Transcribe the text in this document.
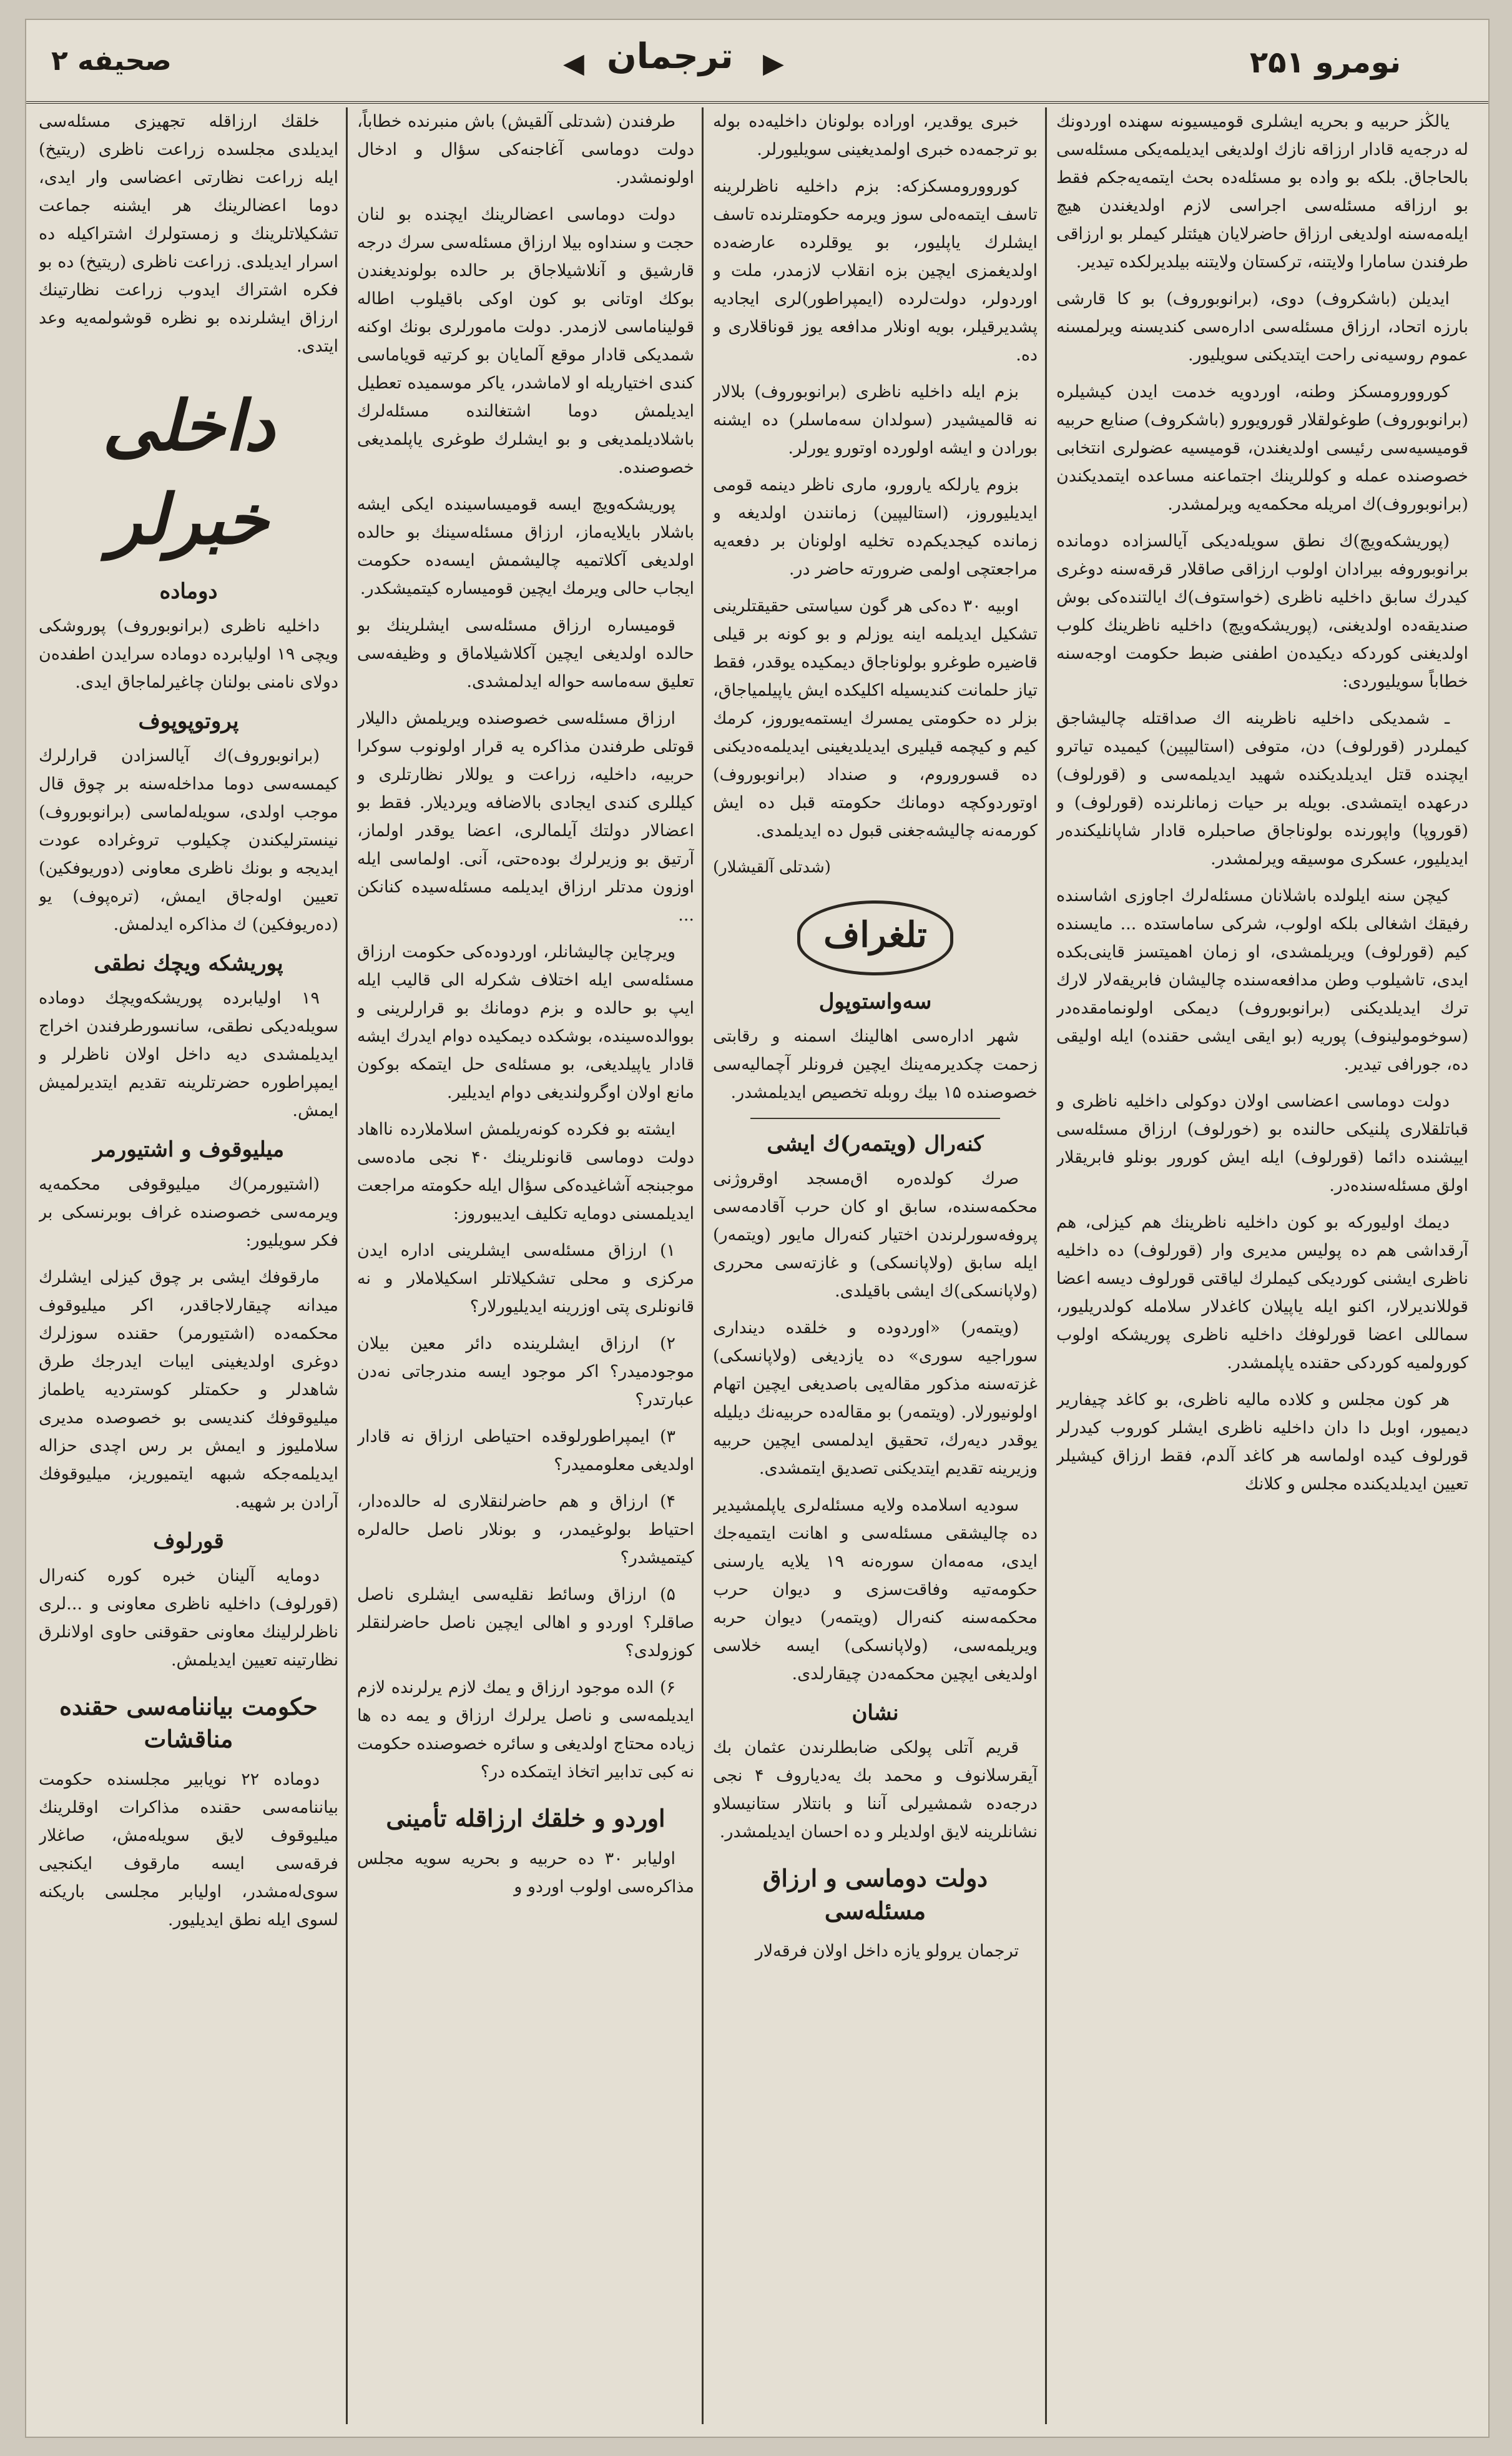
نومرو ۲۵۱
◀ ترجمان ▶
صحیفه ۲

یالڭز حربیه و بحریه ایشلری قومیسیونه سهنده اوردونك له درجه‌یه قادار ارزاقه نازك اولدیغی ایدیلمه‌یکی مسئله‌سی بالحاجاق. بلکه بو واده بو مسئله‌ده بحث ایتمه‌یه‌جکم فقط بو ارزاقه مسئله‌سی اجراسی لازم اولدیغندن هیچ ایله‌مه‌سنه اولدیغی ارزاق حاضرلایان هیئتلر کیملر بو ارزاقی طرفندن سامارا ولایتنه، ترکستان ولایتنه بیلدیرلکده تیدیر.

ایدیلن (باشکروف) دوی، (برانوبوروف) بو کا قارشی بارزه اتحاد، ارزاق مسئله‌سی اداره‌سی کندیسنه ویرلمسنه عموم روسیه‌نی راحت ایتدیکنی سویلیور.

کوروورومسکز وطنه، اوردویه خدمت ایدن کیشیلره (برانوبوروف) طوغولقلار قورویورو (باشکروف) صنایع حربیه قومیسیه‌سی رئیسی اولدیغندن، قومیسیه عضولری انتخابی خصوصنده عمله و کوللرینك اجتماعنه مساعده ایتمدیکندن (برانوبوروف)ك امریله محکمه‌یه ویرلمشدر.

(پوریشکه‌ویچ)ك نطق سویله‌دیکی آیالسزاده دومانده برانوبوروفه بیرادان اولوب ارزاقی صاقلار قرقه‌سنه دوغری کیدرك سابق داخلیه ناظری (خواستوف)ك ایالتنده‌کی بوش صندیقه‌ده اولدیغنی، (پوریشکه‌ویچ) داخلیه ناظرینك کلوب اولدیغنی کوردکه دیکیده‌ن اطفنی ضبط حکومت اوجه‌سنه خطاباً سویلیوردی:

ـ شمدیکی داخلیه ناظرینه اك صداقتله چالیشاجق کیملردر (قورلوف) دن، متوفی (استالیپین) کیمیده تیاترو ایچنده قتل ایدیلدیکنده شهید ایدیلمه‌سی و (قورلوف) درعهده ایتمشدی. بویله بر حیات زمانلرنده (قورلوف) و (قوروپا) واپورنده بولوناجاق صاحبلره قادار شاپانلیکنده‌ر ایدیلیور، عسکری موسیقه ویرلمشدر.

کیچن سنه ایلولده باشلانان مسئله‌لرك اجاوزی اشاسنده رفیقك اشغالی بلکه اولوب، شرکی ساماستده ...‌ مایسنده کیم (قورلوف) ویریلمشدی، او زمان اهمیتسز قاینی‌بکده ایدی، تاشیلوب وطن مدافعه‌سنده چالیشان فابریقه‌لار لارك ترك ایدیلدیکنی (برانوبوروف) دیمکی اولونمامقده‌در (سوخومولینوف) پوریه (بو ایقی ایشی حقنده) ایله اولیقی ده، جورافی تیدیر.

دولت دوماسی اعضاسی اولان دوکولی داخلیه ناظری و قباتلقلاری پلنیکی حالنده بو (خورلوف) ارزاق مسئله‌سی اییشنده دائما (قورلوف) ایله ایش کورور بونلو فابریقلار اولق مسئله‌سنده‌در.

دیمك اولیورکه بو کون داخلیه ناظرینك هم کیزلی، هم آرقداشی هم ده پولیس مدیری وار (قورلوف) ده داخلیه ناظری ایشنی کوردیکی کیملرك لیاقتی قورلوف دیسه اعضا قوللاندیرلار، اکنو ایله یاپیلان کاغدلار سلامله کولدریلیور، سماللی اعضا قورلوفك داخلیه ناظری پوریشکه اولوب کورولمیه کوردکی حقنده یاپلمشدر.

هر کون مجلس و کلاده مالیه ناظری، بو کاغد چیفاریر دیمیور، اوبل دا دان داخلیه ناظری ایشلر کوروب کیدرلر قورلوف کیده اولماسه هر کاغد آلدم، فقط ارزاق کیشیلر تعیین ایدیلدیکنده مجلس و کلانك

خبری یوقدیر، اوراده بولونان داخلیه‌ده بوله بو ترجمه‌ده خبری اولمدیغینی سویلیورلر.

کوروورومسکزکه: بزم داخلیه ناظرلرینه تاسف ایتمه‌ه‌لی سوز ویرمه حکومتلرنده تاسف ایشلرك یاپلیور، بو یوقلرده عارضه‌ده اولدیغمزی ایچین بزه انقلاب لازمدر، ملت و اوردولر، دولت‌لرده (ایمپراطور)لری ایجادیه پشدیرقیلر، بویه اونلار مدافعه یوز قوناقلاری و ده.

بزم ایله داخلیه ناظری (برانوبوروف) بلالار نه قالمیشیدر (سولدان سه‌ماسلر) ده ایشنه بورادن و ایشه اولورده اوتورو یورلر.

بزوم یارلکه یارورو، ماری ناظر دینمه قومی ایدیلیوروز، (استالیپین) زمانندن اولدیغه و زمانده کیجدیکم‌ده تخلیه اولونان بر دفعه‌یه مراجعتچی اولمی ضرورته حاضر در.

اوبیه ۳۰ ده‌کی هر گون سیاستی حقیقتلرینی تشکیل ایدیلمه اینه یوزلم و بو کونه بر قیلی قاضیره طوغرو بولوناجاق دیمکیده یوقدر، فقط تیاز حلمانت کندیسیله اکلیکده ایش یاپیلمیاجاق، بزلر ده حکومتی یمسرك ایستمه‌یوروز، کرمك کیم و کیچمه قیلیری ایدیلدیغینی ایدیلمه‌ه‌دیکنی ده قسوروروم، و صنداد (برانوبوروف) اوتوردوکچه دومانك حکومته قبل ده ایش کورمه‌نه چالیشه‌جغنی قبول ده ایدیلمدی.

(شدتلی آلقیشلار)
تلغراف
سه‌واستوپول

شهر اداره‌سی اهالینك اسمنه و رقابتی زحمت چکدیرمه‌ینك ایچین فرونلر آچمالیه‌سی خصوصنده ۱۵ بیك روبله تخصیص ایدیلمشدر.

کنه‌رال (ویتمه‌ر)ك ایشی

صرك کولده‌ره اق‌مسجد اوقروژنی محکمه‌سنده، سابق او کان حرب آقادمه‌سی پروفه‌سورلرندن اختیار کنه‌رال مایور (ویتمه‌ر) ایله سابق (ولاپانسکی) و غازته‌سی محرری (ولاپانسکی)ك ایشی باقیلدی.

(ویتمه‌ر) «اوردوده و خلقده دینداری سوراجیه سوری» ده یازدیغی (ولاپانسکی) غزته‌سنه مذکور مقاله‌یی باصدیغی ایچین اتهام اولونیورلار. (ویتمه‌ر) بو مقاله‌ده حربیه‌نك دیلیله یوقدر دیه‌رك، تحقیق ایدلمسی ایچین حربیه وزیرینه تقدیم ایتدیکنی تصدیق ایتمشدی.

سودیه اسلامده ولایه مسئله‌لری یاپلمشیدیر ده چالیشقی مسئله‌سی و اهانت ایتمیه‌جك ایدی، مه‌مه‌ان سوره‌نه ۱۹ یلایه یارسنی حکومه‌تیه وفاقت‌سزی و دیوان حرب محکمه‌سنه کنه‌رال (ویتمه‌ر) دیوان حربه ویریلمه‌سی، (ولاپانسکی) ایسه خلاسی اولدیغی ایچین محکمه‌دن چیقارلدی.

نشان

قریم آتلی پولکی ضابطلرندن عثمان بك آیقرسلانوف و محمد بك یه‌دیاروف ۴ نجی درجه‌ده شمشیرلی آننا و بانتلار ستانیسلاو نشانلرینه لایق اولدیلر و ده احسان ایدیلمشدر.

دولت دوماسی و ارزاق مسئله‌سی

ترجمان یرولو یازه داخل اولان فرقه‌لار

طرفندن (شدتلی آلقیش) باش منبرنده خطاباً، دولت دوماسی آغاجنه‌کی سؤال و ادخال اولونمشدر.

دولت دوماسی اعضالرینك ایچنده بو لنان حجت و سنداوه بیلا ارزاق مسئله‌سی سرك درجه قارشیق و آنلاشیلاجاق بر حالده بولوندیغندن بوکك اوتانی بو کون اوکی باقیلوب اطاله قولیناماسی لازمدر. دولت مامورلری بونك اوکنه شمدیکی قادار موقع آلمایان بو کرتیه قویاماسی کندی اختیاریله او لاماشدر، یاکر موسمیده تعطیل ایدیلمش دوما اشتغالنده مسئله‌لرك باشلادیلمدیغی و بو ایشلرك طوغری یاپلمدیغی خصوصنده.

پوریشکه‌ویچ ایسه قومیساسینده ایکی ایشه باشلار بایلایه‌ماز، ارزاق مسئله‌سینك بو حالده اولدیغی آکلاتمیه چالیشمش ایسه‌ده حکومت ایجاب حالی ویرمك ایچین قومیساره کیتمیشکدر.

قومیساره ارزاق مسئله‌سی ایشلرینك بو حالده اولدیغی ایچین آکلاشیلاماق و وظیفه‌سی تعلیق سه‌ماسه حواله ایدلمشدی.

ارزاق مسئله‌سی خصوصنده ویریلمش دالیلار قوتلی طرفندن مذاکره یه قرار اولونوب سوکرا حربیه، داخلیه، زراعت و یوللار نظارتلری و کیللری کندی ایجادی بالاضافه ویردیلار. فقط بو اعضالار دولتك آیلمالری، اعضا یوقدر اولماز، آرتیق بو وزیرلرك بوده‌حتی، آنی. اولماسی ایله اوزون مدتلر ارزاق ایدیلمه مسئله‌سیده کنانکن ...

ویرچاین چالیشانلر، اوردوده‌کی حکومت ارزاق مسئله‌سی ایله اختلاف شکرله الی قالیب ایله ایپ بو حالده و بزم دومانك بو قرارلرینی و بووالده‌سینده، بوشکده دیمکیده دوام ایدرك ایشه قادار یاپیلدیغی، بو مسئله‌ی حل ایتمکه بوکون مانع اولان اوگرولندیغی دوام ایدیلیر.

ایشته بو فکرده کونه‌ریلمش اسلاملارده نااهاد دولت دوماسی قانونلرینك ۴۰ نجی ماده‌سی موجبنجه آشاغیده‌کی سؤال ایله حکومته مراجعت ایدیلمسنی دومایه تکلیف ایدیبوروز:

۱) ارزاق مسئله‌سی ایشلرینی اداره ایدن مرکزی و محلی تشکیلاتلر اسكیلاملار و نه قانونلری پتی اوزرینه ایدیلیورلار؟

۲) ارزاق ایشلرینده دائر معین بیلان موجودمیدر؟ اکر موجود ایسه مندرجاتی نه‌دن عبارتدر؟

۳) ایمپراطورلوقده احتیاطی ارزاق نه قادار اولدیغی معلوممیدر؟

۴) ارزاق و هم حاضرلنقلاری له حالده‌دار، احتیاط بولوغیمدر، و بونلار ناصل حاله‌لره کیتمیشدر؟

۵) ارزاق وسائط نقلیه‌سی ایشلری ناصل صاقلر؟ اوردو و اهالی ایچین ناصل حاضرلنقلر کوزولدی؟

۶) الده موجود ارزاق و یمك لازم یرلرنده لازم ایدیلمه‌سی و ناصل یرلرك ارزاق و یمه ده ها زیاده محتاج اولدیغی و سائره خصوصنده حکومت نه کبی تدابیر اتخاذ ایتمکده در؟

اوردو و خلقك ارزاقله تأمینی

اولیابر ۳۰ ده حربیه و بحریه سویه مجلس مذاکره‌سی اولوب اوردو و

خلقك ارزاقله تجهیزی مسئله‌سی ایدیلدی مجلسده زراعت ناظری (ریتیخ) ایله زراعت نظارتی اعضاسی وار ایدی، دوما اعضالرینك هر ایشنه جماعت تشکیلاتلرینك و زمستولرك اشتراکیله ده اسرار ایدیلدی. زراعت ناظری (ریتیخ) ده بو فکره اشتراك ایدوب زراعت نظارتینك ارزاق ایشلرنده بو نظره قوشولمه‌یه وعد ایتدی.

داخلی خبرلر
دوماده

داخلیه ناظری (برانوبوروف) پوروشکی ویچی ۱۹ اولیابرده دوماده سرایدن اطفده‌ن دولای نامنی بولنان چاغیرلماجاق ایدی.

پروتوپوپوف

(برانوبوروف)ك آیالسزادن قرارلرك کیمسه‌سی دوما مداخله‌سنه بر چوق قال موجب اولدی، سویله‌لماسی (برانوبوروف) نینسترلیکندن چکیلوب تروغراده عودت ایدیجه و بونك ناظری معاونی (دوریوفکین) تعیین اوله‌جاق ایمش، (تره‌پوف) یو (ده‌ریوفکین) ك مذاکره ایدلمش.

پوریشکه ویچك نطقی

۱۹ اولیابرده پوریشکه‌ویچك دوماده سویله‌دیکی نطقی، سانسورطرفندن اخراج ایدیلمشدی دیه داخل اولان ناظرلر و ایمپراطوره حضرتلرینه تقدیم ایتدیرلمیش ایمش.

میلیوقوف و اشتیورمر

(اشتیورمر)ك میلیوقوفی محکمه‌یه ویرمه‌سی خصوصنده غراف بوبرنسکی بر فکر سویلیور:

مارقوفك ایشی بر چوق کیزلی ایشلرك میدانه چیقارلاجاقدر، اکر میلیوقوف محکمه‌ده (اشتیورمر) حقنده سوزلرك دوغری اولدیغینی ایبات ایدرجك طرق شاهدلر و حکمتلر کوستردیه یاطماز میلیوقوفك کندیسی بو خصوصده مدیری سلاملیوز و ایمش بر رس اچدی حزاله ایدیلمه‌جکه شبهه ایتمیوریز، میلیوقوفك آرادن بر شهیه.

قورلوف

دومایه آلینان خبره کوره کنه‌رال (قورلوف) داخلیه ناظری معاونی و ...لری ناظرلرلینك معاونی حقوقنی حاوی اولانلرق نظارتینه تعیین ایدیلمش.

حکومت بیاننامه‌سی حقنده مناقشات

دوماده ۲۲ نویابیر مجلسنده حکومت بیاننامه‌سی حقنده مذاکرات اوقلرینك میلیوقوف لایق سویله‌مش، صاغلار فرقه‌سی ایسه مارقوف ایکنجیی سوی‌له‌مشدر، اولیابر مجلسی باریکنه لسوی ایله نطق ایدیلیور.
